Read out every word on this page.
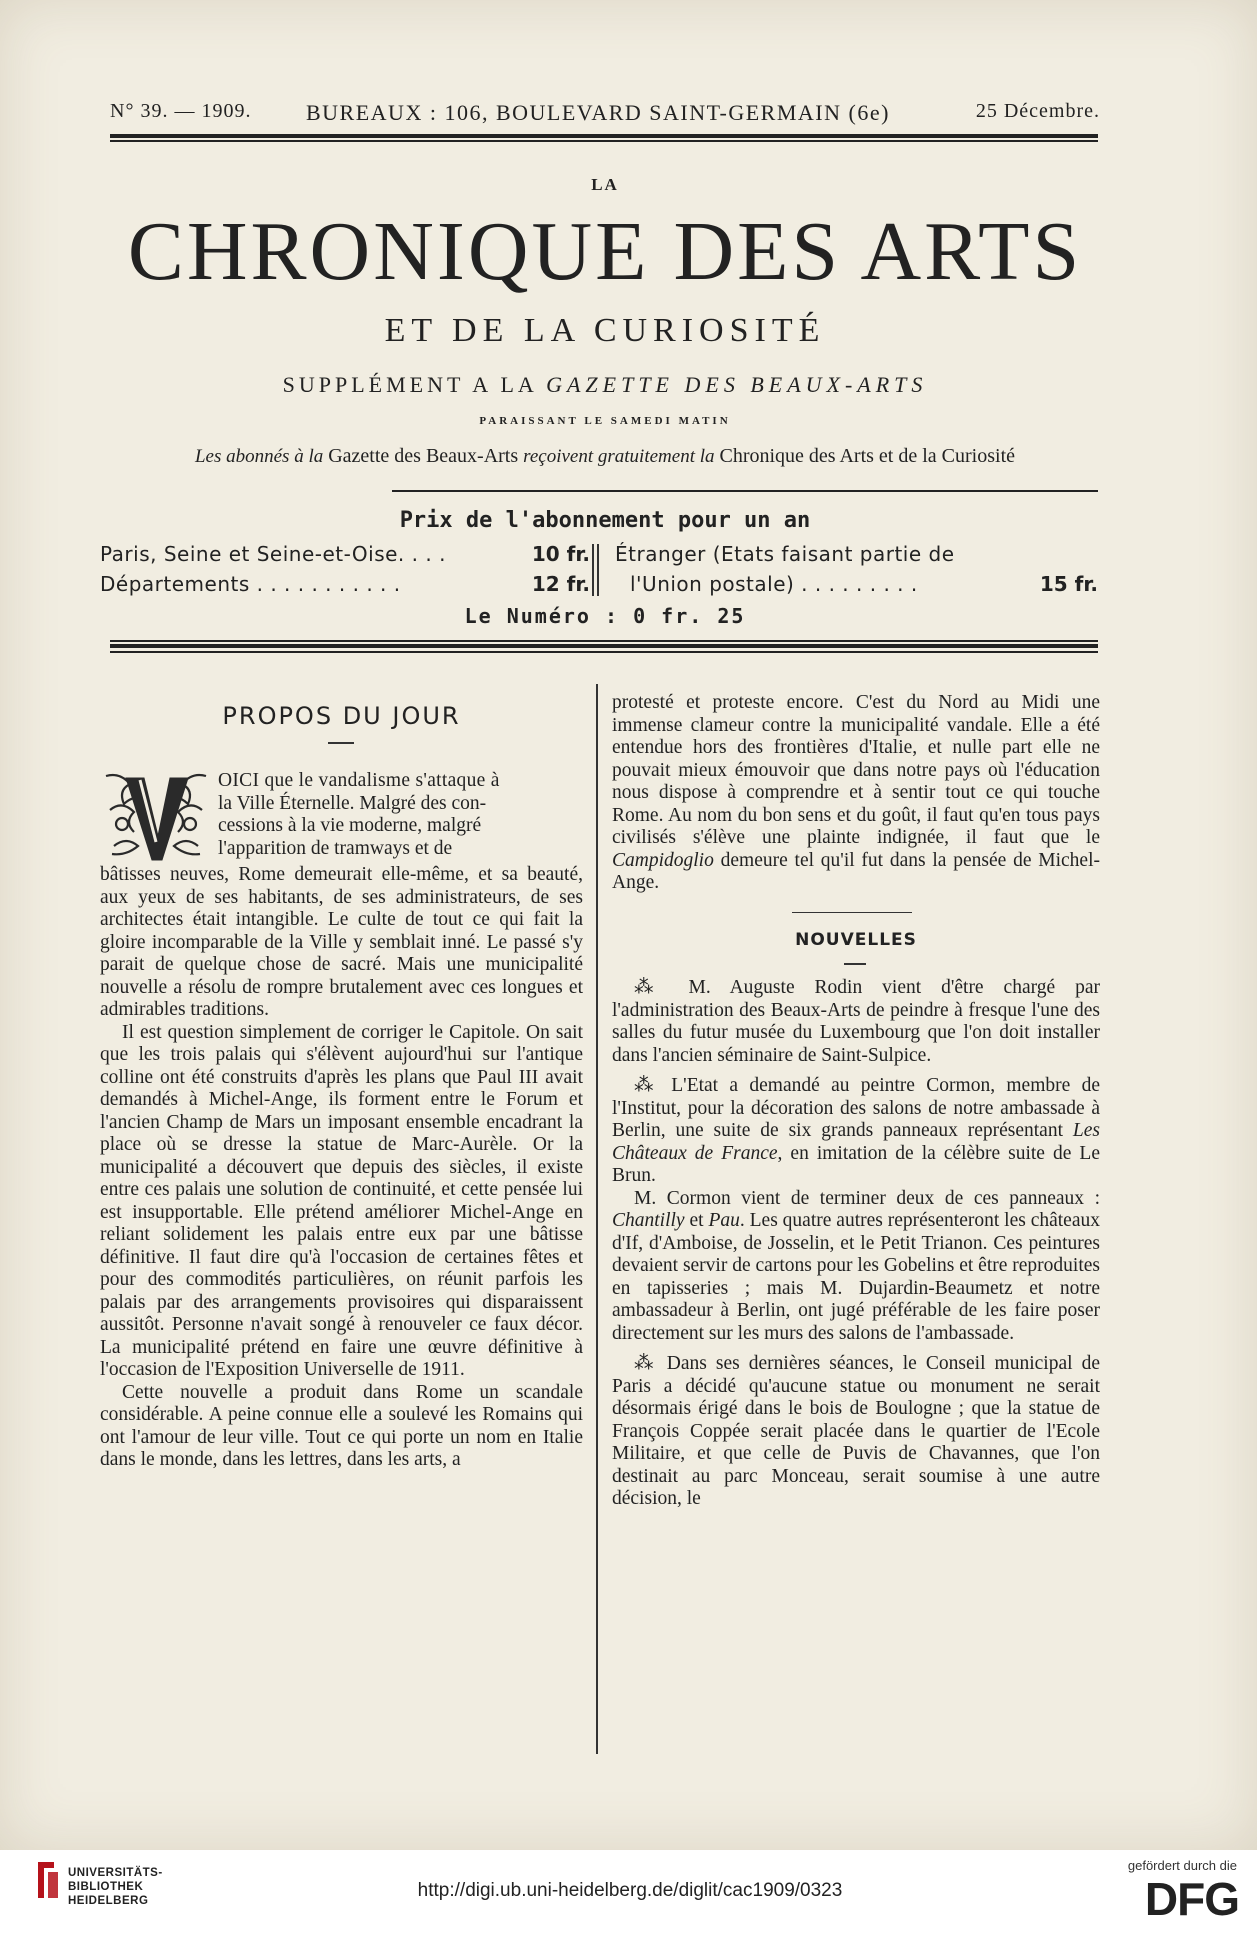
N° 39. — 1909. BUREAUX : 106, BOULEVARD SAINT-GERMAIN (6e)	25 Décembre.
LA
CHRONIQUE DES ARTS
ET DE LA CURIOSITÉ
SUPPLÉMENT A LA GAZETTE DES BEAUX-ARTS
PARAISSANT LE SAMEDI MATIN
Les abonnés à la Gazette des Beaux-Arts reçoivent gratuitement la Chronique des Arts et de la Curiosité
Prix de l'abonnement pour un an
Paris, Seine et Seine-et-Oise. . . .	10 fr.
Départements . . . . . . . . . . .	12 fr.
Étranger (Etats faisant partie de
l'Union postale) . . . . . . . . .	15 fr.
Le Numéro : 0 fr. 25
PROPOS DU JOUR
OICI que le vandalisme s'attaque à
la Ville Éternelle. Malgré des con-
cessions à la vie moderne, malgré
l'apparition de tramways et de

bâtisses neuves, Rome demeurait elle-même, et sa beauté, aux yeux de ses habitants, de ses administrateurs, de ses architectes était intangible. Le culte de tout ce qui fait la gloire incomparable de la Ville y semblait inné. Le passé s'y parait de quelque chose de sacré. Mais une municipalité nouvelle a résolu de rompre brutalement avec ces longues et admirables traditions.

Il est question simplement de corriger le Capitole. On sait que les trois palais qui s'élèvent aujourd'hui sur l'antique colline ont été construits d'après les plans que Paul III avait demandés à Michel-Ange, ils forment entre le Forum et l'ancien Champ de Mars un imposant ensemble encadrant la place où se dresse la statue de Marc-Aurèle. Or la municipalité a découvert que depuis des siècles, il existe entre ces palais une solution de continuité, et cette pensée lui est insupportable. Elle prétend améliorer Michel-Ange en reliant solidement les palais entre eux par une bâtisse définitive. Il faut dire qu'à l'occasion de certaines fêtes et pour des commodités particulières, on réunit parfois les palais par des arrangements provisoires qui disparaissent aussitôt. Personne n'avait songé à renouveler ce faux décor. La municipalité prétend en faire une œuvre définitive à l'occasion de l'Exposition Universelle de 1911.

Cette nouvelle a produit dans Rome un scandale considérable. A peine connue elle a soulevé les Romains qui ont l'amour de leur ville. Tout ce qui porte un nom en Italie dans le monde, dans les lettres, dans les arts, a

protesté et proteste encore. C'est du Nord au Midi une immense clameur contre la municipalité vandale. Elle a été entendue hors des frontières d'Italie, et nulle part elle ne pouvait mieux émouvoir que dans notre pays où l'éducation nous dispose à comprendre et à sentir tout ce qui touche Rome. Au nom du bon sens et du goût, il faut qu'en tous pays civilisés s'élève une plainte indignée, il faut que le Campidoglio demeure tel qu'il fut dans la pensée de Michel-Ange.

NOUVELLES

⁂ M. Auguste Rodin vient d'être chargé par l'administration des Beaux-Arts de peindre à fresque l'une des salles du futur musée du Luxembourg que l'on doit installer dans l'ancien séminaire de Saint-Sulpice.

⁂ L'Etat a demandé au peintre Cormon, membre de l'Institut, pour la décoration des salons de notre ambassade à Berlin, une suite de six grands panneaux représentant Les Châteaux de France, en imitation de la célèbre suite de Le Brun.

M. Cormon vient de terminer deux de ces panneaux : Chantilly et Pau. Les quatre autres représenteront les châteaux d'If, d'Amboise, de Josselin, et le Petit Trianon. Ces peintures devaient servir de cartons pour les Gobelins et être reproduites en tapisseries ; mais M. Dujardin-Beaumetz et notre ambassadeur à Berlin, ont jugé préférable de les faire poser directement sur les murs des salons de l'ambassade.

⁂ Dans ses dernières séances, le Conseil municipal de Paris a décidé qu'aucune statue ou monument ne serait désormais érigé dans le bois de Boulogne ; que la statue de François Coppée serait placée dans le quartier de l'Ecole Militaire, et que celle de Puvis de Chavannes, que l'on destinait au parc Monceau, serait soumise à une autre décision, le

UNIVERSITÄTS-
BIBLIOTHEK
HEIDELBERG	http://digi.ub.uni-heidelberg.de/diglit/cac1909/0323
gefördert durch die
DFG
